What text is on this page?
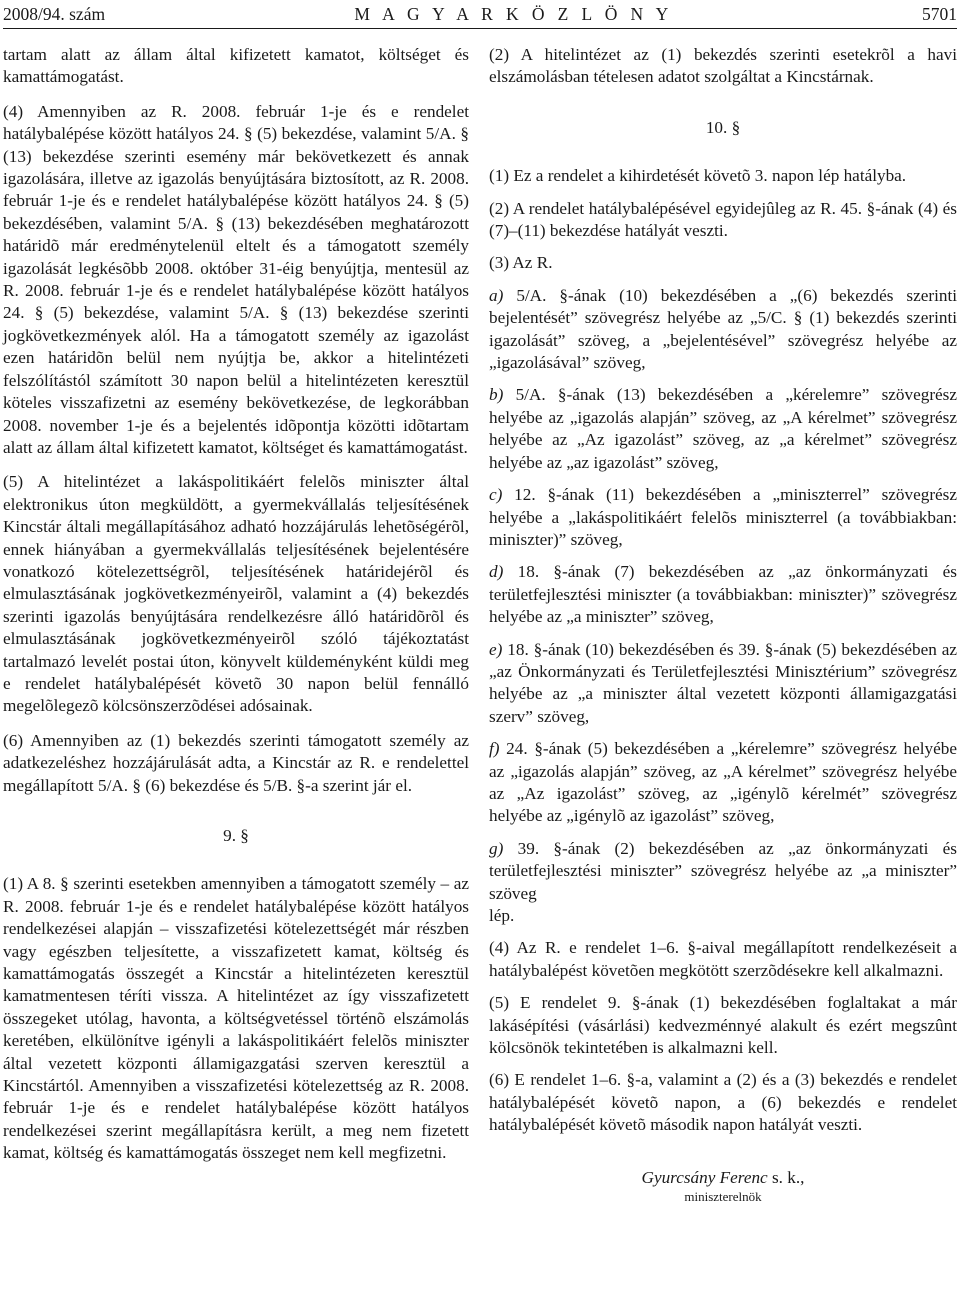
2008/94. szám	M A G Y A R K Ö Z L Ö N Y	5701

tartam alatt az állam által kifizetett kamatot, költséget és kamattámogatást.

(4) Amennyiben az R. 2008. február 1-je és e rendelet hatálybalépése között hatályos 24. § (5) bekezdése, valamint 5/A. § (13) bekezdése szerinti esemény már bekövetkezett és annak igazolására, illetve az igazolás benyújtására biztosított, az R. 2008. február 1-je és e rendelet hatálybalépése között hatályos 24. § (5) bekezdésében, valamint 5/A. § (13) bekezdésében meghatározott határidõ már eredménytelenül eltelt és a támogatott személy igazolását legkésõbb 2008. október 31-éig benyújtja, mentesül az R. 2008. február 1-je és e rendelet hatálybalépése között hatályos 24. § (5) bekezdése, valamint 5/A. § (13) bekezdése szerinti jogkövetkezmények alól. Ha a támogatott személy az igazolást ezen határidõn belül nem nyújtja be, akkor a hitelintézeti felszólítástól számított 30 napon belül a hitelintézeten keresztül köteles visszafizetni az esemény bekövetkezése, de legkorábban 2008. november 1-je és a bejelentés idõpontja közötti idõtartam alatt az állam által kifizetett kamatot, költséget és kamattámogatást.

(5) A hitelintézet a lakáspolitikáért felelõs miniszter által elektronikus úton megküldött, a gyermekvállalás teljesítésének Kincstár általi megállapításához adható hozzájárulás lehetõségérõl, ennek hiányában a gyermekvállalás teljesítésének bejelentésére vonatkozó kötelezettségrõl, teljesítésének határidejérõl és elmulasztásának jogkövetkezményeirõl, valamint a (4) bekezdés szerinti igazolás benyújtására rendelkezésre álló határidõrõl és elmulasztásának jogkövetkezményeirõl szóló tájékoztatást tartalmazó levelét postai úton, könyvelt küldeményként küldi meg e rendelet hatálybalépését követõ 30 napon belül fennálló megelõlegezõ kölcsönszerzõdései adósainak.

(6) Amennyiben az (1) bekezdés szerinti támogatott személy az adatkezeléshez hozzájárulását adta, a Kincstár az R. e rendelettel megállapított 5/A. § (6) bekezdése és 5/B. §-a szerint jár el.

9. §

(1) A 8. § szerinti esetekben amennyiben a támogatott személy – az R. 2008. február 1-je és e rendelet hatálybalépése között hatályos rendelkezései alapján – visszafizetési kötelezettségét már részben vagy egészben teljesítette, a visszafizetett kamat, költség és kamattámogatás összegét a Kincstár a hitelintézeten keresztül kamatmentesen téríti vissza. A hitelintézet az így visszafizetett összegeket utólag, havonta, a költségvetéssel történõ elszámolás keretében, elkülönítve igényli a lakáspolitikáért felelõs miniszter által vezetett központi államigazgatási szerven keresztül a Kincstártól. Amennyiben a visszafizetési kötelezettség az R. 2008. február 1-je és e rendelet hatálybalépése között hatályos rendelkezései szerint megállapításra került, a meg nem fizetett kamat, költség és kamattámogatás összeget nem kell megfizetni.

(2) A hitelintézet az (1) bekezdés szerinti esetekrõl a havi elszámolásban tételesen adatot szolgáltat a Kincstárnak.

10. §

(1) Ez a rendelet a kihirdetését követõ 3. napon lép hatályba.

(2) A rendelet hatálybalépésével egyidejûleg az R. 45. §-ának (4) és (7)–(11) bekezdése hatályát veszti.

(3) Az R.

a) 5/A. §-ának (10) bekezdésében a „(6) bekezdés szerinti bejelentését” szövegrész helyébe az „5/C. § (1) bekezdés szerinti igazolását” szöveg, a „bejelentésével” szövegrész helyébe az „igazolásával” szöveg,

b) 5/A. §-ának (13) bekezdésében a „kérelemre” szövegrész helyébe az „igazolás alapján” szöveg, az „A kérelmet” szövegrész helyébe az „Az igazolást” szöveg, az „a kérelmet” szövegrész helyébe az „az igazolást” szöveg,

c) 12. §-ának (11) bekezdésében a „miniszterrel” szövegrész helyébe a „lakáspolitikáért felelõs miniszterrel (a továbbiakban: miniszter)” szöveg,

d) 18. §-ának (7) bekezdésében az „az önkormányzati és területfejlesztési miniszter (a továbbiakban: miniszter)” szövegrész helyébe az „a miniszter” szöveg,

e) 18. §-ának (10) bekezdésében és 39. §-ának (5) bekezdésében az „az Önkormányzati és Területfejlesztési Minisztérium” szövegrész helyébe az „a miniszter által vezetett központi államigazgatási szerv” szöveg,

f) 24. §-ának (5) bekezdésében a „kérelemre” szövegrész helyébe az „igazolás alapján” szöveg, az „A kérelmet” szövegrész helyébe az „Az igazolást” szöveg, az „igénylõ kérelmét” szövegrész helyébe az „igénylõ az igazolást” szöveg,

g) 39. §-ának (2) bekezdésében az „az önkormányzati és területfejlesztési miniszter” szövegrész helyébe az „a miniszter” szöveg

lép.

(4) Az R. e rendelet 1–6. §-aival megállapított rendelkezéseit a hatálybalépést követõen megkötött szerzõdésekre kell alkalmazni.

(5) E rendelet 9. §-ának (1) bekezdésében foglaltakat a már lakásépítési (vásárlási) kedvezménnyé alakult és ezért megszûnt kölcsönök tekintetében is alkalmazni kell.

(6) E rendelet 1–6. §-a, valamint a (2) és a (3) bekezdés e rendelet hatálybalépését követõ napon, a (6) bekezdés e rendelet hatálybalépését követõ második napon hatályát veszti.

Gyurcsány Ferenc s. k.,
miniszterelnök
